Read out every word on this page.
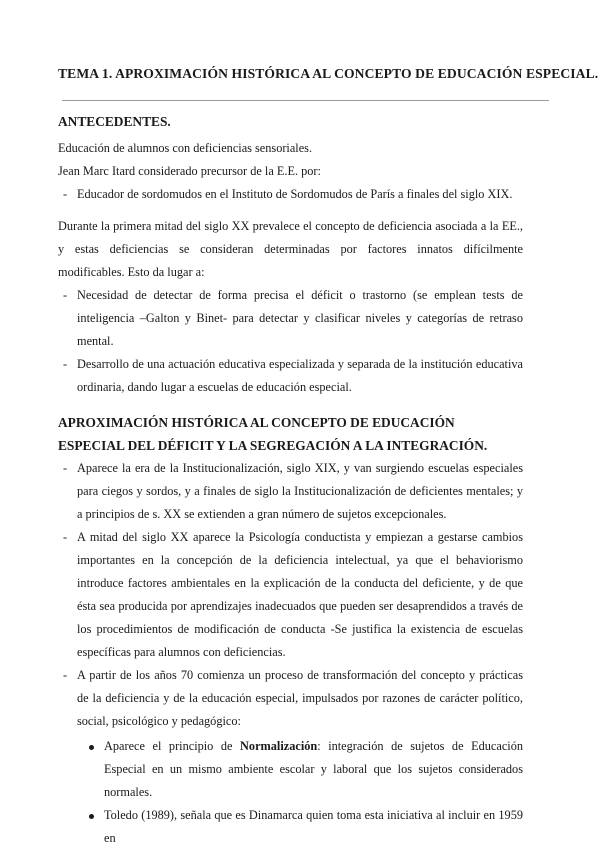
TEMA 1. APROXIMACIÓN HISTÓRICA AL CONCEPTO DE EDUCACIÓN ESPECIAL.

ANTECEDENTES.

Educación de alumnos con deficiencias sensoriales.

Jean Marc Itard considerado precursor de la E.E. por:

- Educador de sordomudos en el Instituto de Sordomudos de París a finales del siglo XIX.

Durante la primera mitad del siglo XX prevalece el concepto de deficiencia asociada a la EE., y estas deficiencias se consideran determinadas por factores innatos difícilmente modificables. Esto da lugar a:

- Necesidad de detectar de forma precisa el déficit o trastorno (se emplean tests de inteligencia –Galton y Binet- para detectar y clasificar niveles y categorías de retraso mental.
- Desarrollo de una actuación educativa especializada y separada de la institución educativa ordinaria, dando lugar a escuelas de educación especial.

APROXIMACIÓN HISTÓRICA AL CONCEPTO DE EDUCACIÓN ESPECIAL DEL DÉFICIT Y LA SEGREGACIÓN A LA INTEGRACIÓN.

- Aparece la era de la Institucionalización, siglo XIX, y van surgiendo escuelas especiales para ciegos y sordos, y a finales de siglo la Institucionalización de deficientes mentales; y a principios de s. XX se extienden a gran número de sujetos excepcionales.
- A mitad del siglo XX aparece la Psicología conductista y empiezan a gestarse cambios importantes en la concepción de la deficiencia intelectual, ya que el behaviorismo introduce factores ambientales en la explicación de la conducta del deficiente, y de que ésta sea producida por aprendizajes inadecuados que pueden ser desaprendidos a través de los procedimientos de modificación de conducta -Se justifica la existencia de escuelas específicas para alumnos con deficiencias.
- A partir de los años 70 comienza un proceso de transformación del concepto y prácticas de la deficiencia y de la educación especial, impulsados por razones de carácter político, social, psicológico y pedagógico:
Aparece el principio de Normalización: integración de sujetos de Educación Especial en un mismo ambiente escolar y laboral que los sujetos considerados normales.
Toledo (1989), señala que es Dinamarca quien toma esta iniciativa al incluir en 1959 en
